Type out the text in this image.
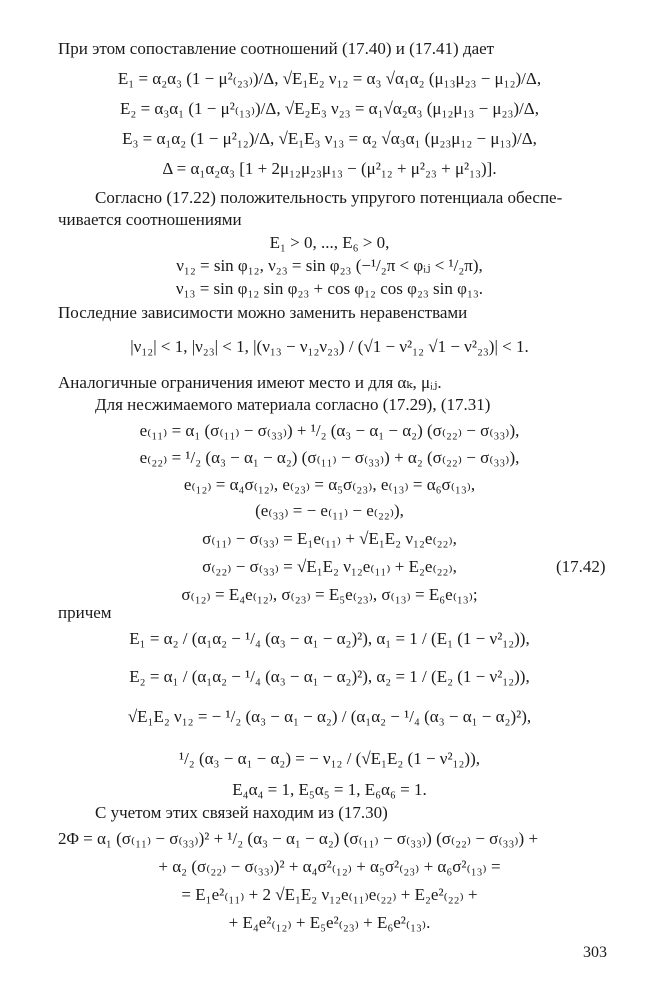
При этом сопоставление соотношений (17.40) и (17.41) дает
E₁ = α₂α₃ (1 − μ²₍₂₃₎)/Δ, √E₁E₂ ν₁₂ = α₃ √α₁α₂ (μ₁₃μ₂₃ − μ₁₂)/Δ,
E₂ = α₃α₁ (1 − μ²₍₁₃₎)/Δ, √E₂E₃ ν₂₃ = α₁√α₂α₃ (μ₁₂μ₁₃ − μ₂₃)/Δ,
E₃ = α₁α₂ (1 − μ²₁₂)/Δ, √E₁E₃ ν₁₃ = α₂ √α₃α₁ (μ₂₃μ₁₂ − μ₁₃)/Δ,
Δ = α₁α₂α₃ [1 + 2μ₁₂μ₂₃μ₁₃ − (μ²₁₂ + μ²₂₃ + μ²₁₃)].
Согласно (17.22) положительность упругого потенциала обеспе-
чивается соотношениями
E₁ > 0, ..., E₆ > 0,
ν₁₂ = sin φ₁₂, ν₂₃ = sin φ₂₃ (−¹/₂π < φᵢⱼ < ¹/₂π),
ν₁₃ = sin φ₁₂ sin φ₂₃ + cos φ₁₂ cos φ₂₃ sin φ₁₃.
Последние зависимости можно заменить неравенствами
|ν₁₂| < 1, |ν₂₃| < 1, |(ν₁₃ − ν₁₂ν₂₃) / (√1 − ν²₁₂ √1 − ν²₂₃)| < 1.
Аналогичные ограничения имеют место и для αₖ, μᵢⱼ.
Для несжимаемого материала согласно (17.29), (17.31)
e₍₁₁₎ = α₁ (σ₍₁₁₎ − σ₍₃₃₎) + ¹/₂ (α₃ − α₁ − α₂) (σ₍₂₂₎ − σ₍₃₃₎),
e₍₂₂₎ = ¹/₂ (α₃ − α₁ − α₂) (σ₍₁₁₎ − σ₍₃₃₎) + α₂ (σ₍₂₂₎ − σ₍₃₃₎),
e₍₁₂₎ = α₄σ₍₁₂₎, e₍₂₃₎ = α₅σ₍₂₃₎, e₍₁₃₎ = α₆σ₍₁₃₎,
(e₍₃₃₎ = − e₍₁₁₎ − e₍₂₂₎),
σ₍₁₁₎ − σ₍₃₃₎ = E₁e₍₁₁₎ + √E₁E₂ ν₁₂e₍₂₂₎,
σ₍₂₂₎ − σ₍₃₃₎ = √E₁E₂ ν₁₂e₍₁₁₎ + E₂e₍₂₂₎,	(17.42)
σ₍₁₂₎ = E₄e₍₁₂₎, σ₍₂₃₎ = E₅e₍₂₃₎, σ₍₁₃₎ = E₆e₍₁₃₎;
причем
E₁ = α₂ / (α₁α₂ − ¹/₄ (α₃ − α₁ − α₂)²), α₁ = 1 / (E₁ (1 − ν²₁₂)),
E₂ = α₁ / (α₁α₂ − ¹/₄ (α₃ − α₁ − α₂)²), α₂ = 1 / (E₂ (1 − ν²₁₂)),
√E₁E₂ ν₁₂ = − ¹/₂ (α₃ − α₁ − α₂) / (α₁α₂ − ¹/₄ (α₃ − α₁ − α₂)²),
¹/₂ (α₃ − α₁ − α₂) = − ν₁₂ / (√E₁E₂ (1 − ν²₁₂)),
E₄α₄ = 1, E₅α₅ = 1, E₆α₆ = 1.
С учетом этих связей находим из (17.30)
2Φ = α₁ (σ₍₁₁₎ − σ₍₃₃₎)² + ¹/₂ (α₃ − α₁ − α₂) (σ₍₁₁₎ − σ₍₃₃₎) (σ₍₂₂₎ − σ₍₃₃₎) +
+ α₂ (σ₍₂₂₎ − σ₍₃₃₎)² + α₄σ²₍₁₂₎ + α₅σ²₍₂₃₎ + α₆σ²₍₁₃₎ =
= E₁e²₍₁₁₎ + 2 √E₁E₂ ν₁₂e₍₁₁₎e₍₂₂₎ + E₂e²₍₂₂₎ +
+ E₄e²₍₁₂₎ + E₅e²₍₂₃₎ + E₆e²₍₁₃₎.
303
